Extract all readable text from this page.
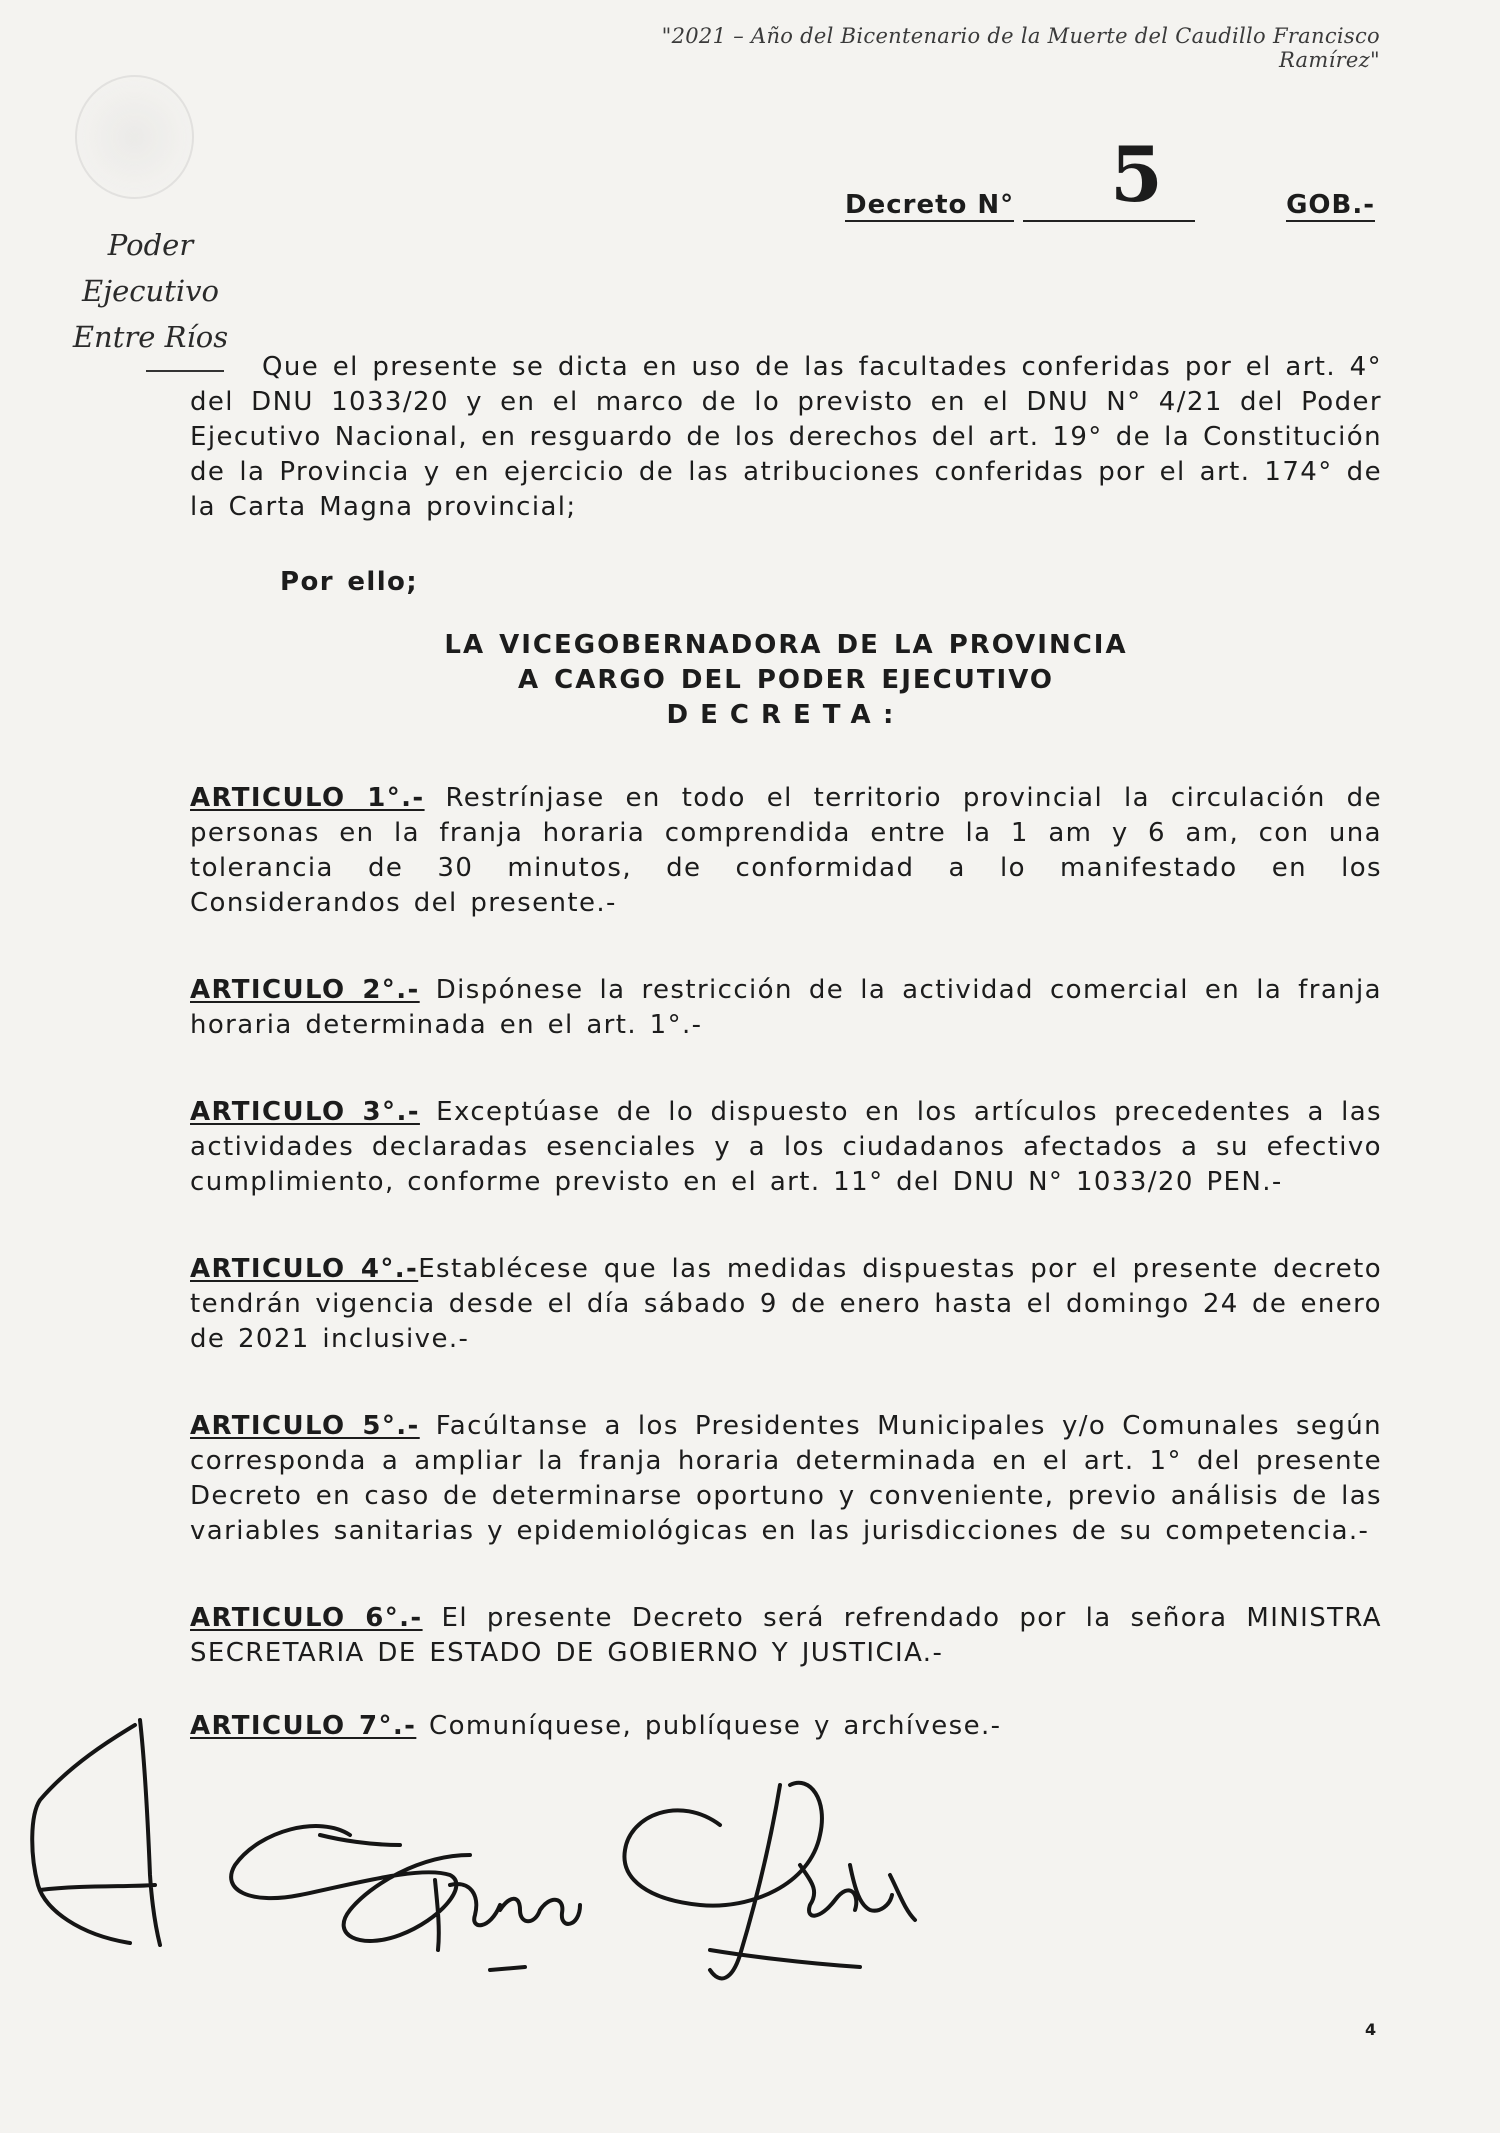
"2021 – Año del Bicentenario de la Muerte del Caudillo Francisco Ramírez"
Poder Ejecutivo
Entre Ríos
Decreto N° 5	GOB.-

Que el presente se dicta en uso de las facultades conferidas por el art. 4° del DNU 1033/20 y en el marco de lo previsto en el DNU N° 4/21 del Poder Ejecutivo Nacional, en resguardo de los derechos del art. 19° de la Constitución de la Provincia y en ejercicio de las atribuciones conferidas por el art. 174° de la Carta Magna provincial;

Por ello;
LA VICEGOBERNADORA DE LA PROVINCIA
A CARGO DEL PODER EJECUTIVO
DECRETA:

ARTICULO 1°.- Restrínjase en todo el territorio provincial la circulación de personas en la franja horaria comprendida entre la 1 am y 6 am, con una tolerancia de 30 minutos, de conformidad a lo manifestado en los Considerandos del presente.-

ARTICULO 2°.- Dispónese la restricción de la actividad comercial en la franja horaria determinada en el art. 1°.-

ARTICULO 3°.- Exceptúase de lo dispuesto en los artículos precedentes a las actividades declaradas esenciales y a los ciudadanos afectados a su efectivo cumplimiento, conforme previsto en el art. 11° del DNU N° 1033/20 PEN.-

ARTICULO 4°.-Establécese que las medidas dispuestas por el presente decreto tendrán vigencia desde el día sábado 9 de enero hasta el domingo 24 de enero de 2021 inclusive.-

ARTICULO 5°.- Facúltanse a los Presidentes Municipales y/o Comunales según corresponda a ampliar la franja horaria determinada en el art. 1° del presente Decreto en caso de determinarse oportuno y conveniente, previo análisis de las variables sanitarias y epidemiológicas en las jurisdicciones de su competencia.-

ARTICULO 6°.- El presente Decreto será refrendado por la señora MINISTRA SECRETARIA DE ESTADO DE GOBIERNO Y JUSTICIA.-

ARTICULO 7°.- Comuníquese, publíquese y archívese.-

4
